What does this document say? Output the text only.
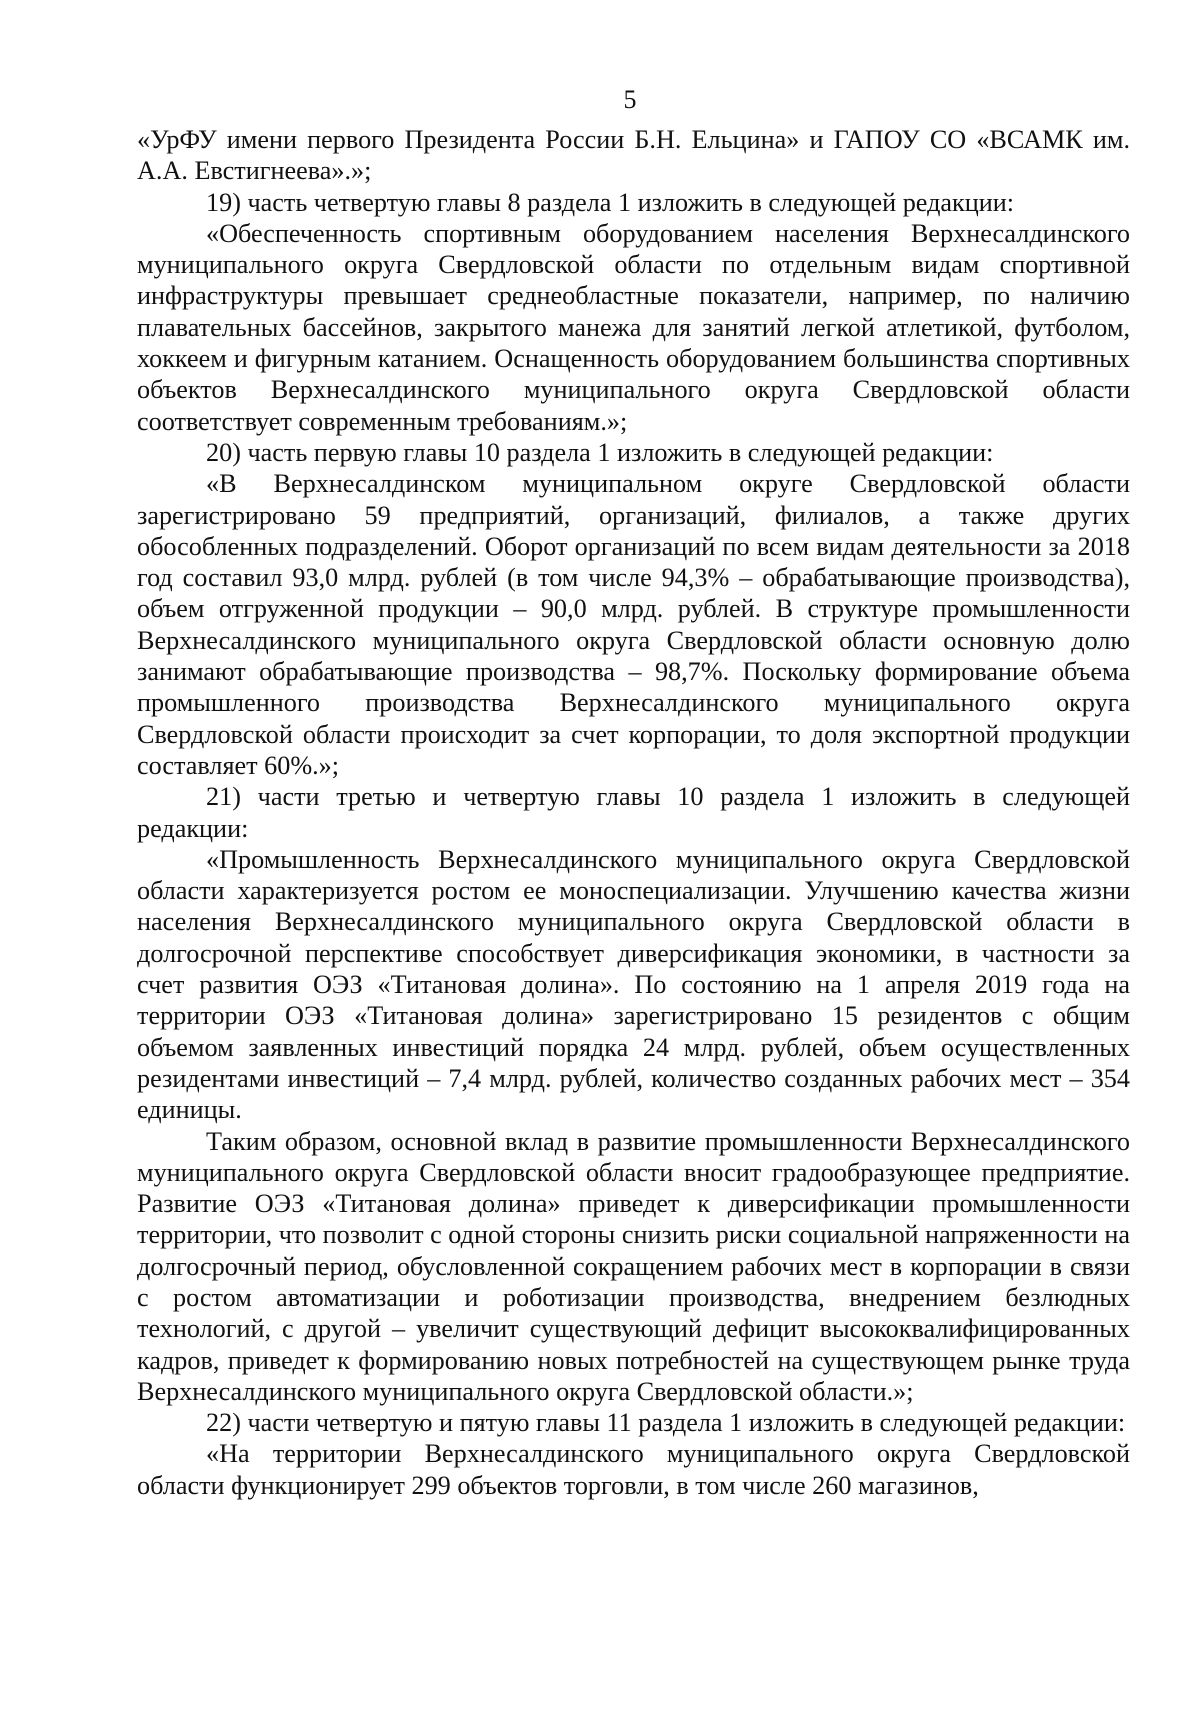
5

«УрФУ имени первого Президента России Б.Н. Ельцина» и ГАПОУ СО «ВСАМК им. А.А. Евстигнеева».»;

19) часть четвертую главы 8 раздела 1 изложить в следующей редакции:

«Обеспеченность спортивным оборудованием населения Верхнесалдинского муниципального округа Свердловской области по отдельным видам спортивной инфраструктуры превышает среднеобластные показатели, например, по наличию плавательных бассейнов, закрытого манежа для занятий легкой атлетикой, футболом, хоккеем и фигурным катанием. Оснащенность оборудованием большинства спортивных объектов Верхнесалдинского муниципального округа Свердловской области соответствует современным требованиям.»;

20) часть первую главы 10 раздела 1 изложить в следующей редакции:

«В Верхнесалдинском муниципальном округе Свердловской области зарегистрировано 59 предприятий, организаций, филиалов, а также других обособленных подразделений. Оборот организаций по всем видам деятельности за 2018 год составил 93,0 млрд. рублей (в том числе 94,3% – обрабатывающие производства), объем отгруженной продукции – 90,0 млрд. рублей. В структуре промышленности Верхнесалдинского муниципального округа Свердловской области основную долю занимают обрабатывающие производства – 98,7%. Поскольку формирование объема промышленного производства Верхнесалдинского муниципального округа Свердловской области происходит за счет корпорации, то доля экспортной продукции составляет 60%.»;

21) части третью и четвертую главы 10 раздела 1 изложить в следующей редакции:

«Промышленность Верхнесалдинского муниципального округа Свердловской области характеризуется ростом ее моноспециализации. Улучшению качества жизни населения Верхнесалдинского муниципального округа Свердловской области в долгосрочной перспективе способствует диверсификация экономики, в частности за счет развития ОЭЗ «Титановая долина». По состоянию на 1 апреля 2019 года на территории ОЭЗ «Титановая долина» зарегистрировано 15 резидентов с общим объемом заявленных инвестиций порядка 24 млрд. рублей, объем осуществленных резидентами инвестиций – 7,4 млрд. рублей, количество созданных рабочих мест – 354 единицы.

Таким образом, основной вклад в развитие промышленности Верхнесалдинского муниципального округа Свердловской области вносит градообразующее предприятие. Развитие ОЭЗ «Титановая долина» приведет к диверсификации промышленности территории, что позволит с одной стороны снизить риски социальной напряженности на долгосрочный период, обусловленной сокращением рабочих мест в корпорации в связи с ростом автоматизации и роботизации производства, внедрением безлюдных технологий, с другой – увеличит существующий дефицит высококвалифицированных кадров, приведет к формированию новых потребностей на существующем рынке труда Верхнесалдинского муниципального округа Свердловской области.»;

22) части четвертую и пятую главы 11 раздела 1 изложить в следующей редакции:

«На территории Верхнесалдинского муниципального округа Свердловской области функционирует 299 объектов торговли, в том числе 260 магазинов,
